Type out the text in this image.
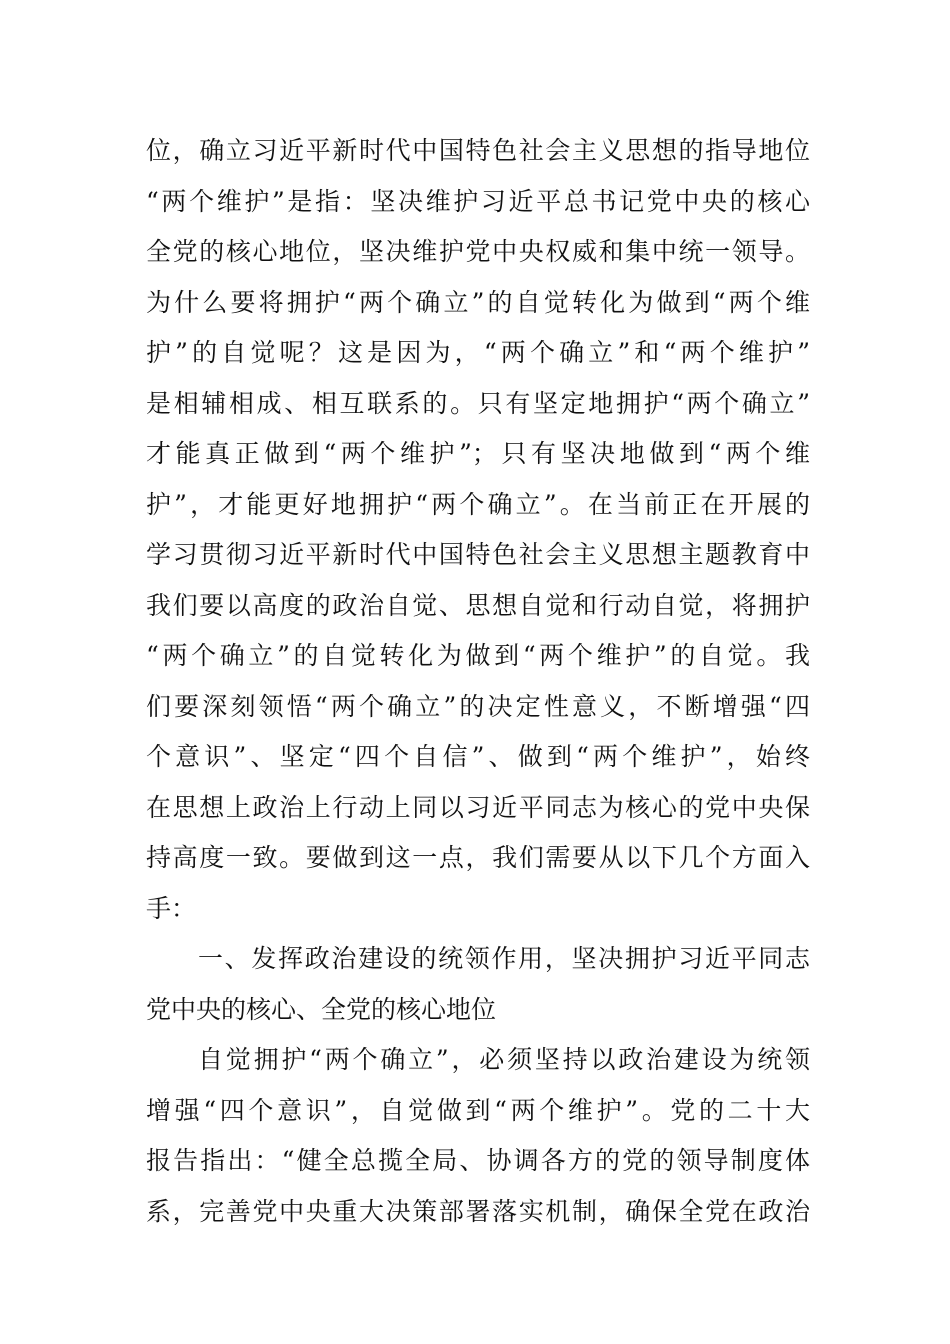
位，确立习近平新时代中国特色社会主义思想的指导地位
“两个维护”是指：坚决维护习近平总书记党中央的核心
全党的核心地位，坚决维护党中央权威和集中统一领导。
为什么要将拥护“两个确立”的自觉转化为做到“两个维
护”的自觉呢？这是因为，“两个确立”和“两个维护”
是相辅相成、相互联系的。只有坚定地拥护“两个确立”
才能真正做到“两个维护”；只有坚决地做到“两个维
护”，才能更好地拥护“两个确立”。在当前正在开展的
学习贯彻习近平新时代中国特色社会主义思想主题教育中
我们要以高度的政治自觉、思想自觉和行动自觉，将拥护
“两个确立”的自觉转化为做到“两个维护”的自觉。我
们要深刻领悟“两个确立”的决定性意义，不断增强“四
个意识”、坚定“四个自信”、做到“两个维护”，始终
在思想上政治上行动上同以习近平同志为核心的党中央保
持高度一致。要做到这一点，我们需要从以下几个方面入
手：
一、发挥政治建设的统领作用，坚决拥护习近平同志
党中央的核心、全党的核心地位
自觉拥护“两个确立”，必须坚持以政治建设为统领
增强“四个意识”，自觉做到“两个维护”。党的二十大
报告指出：“健全总揽全局、协调各方的党的领导制度体
系，完善党中央重大决策部署落实机制，确保全党在政治
